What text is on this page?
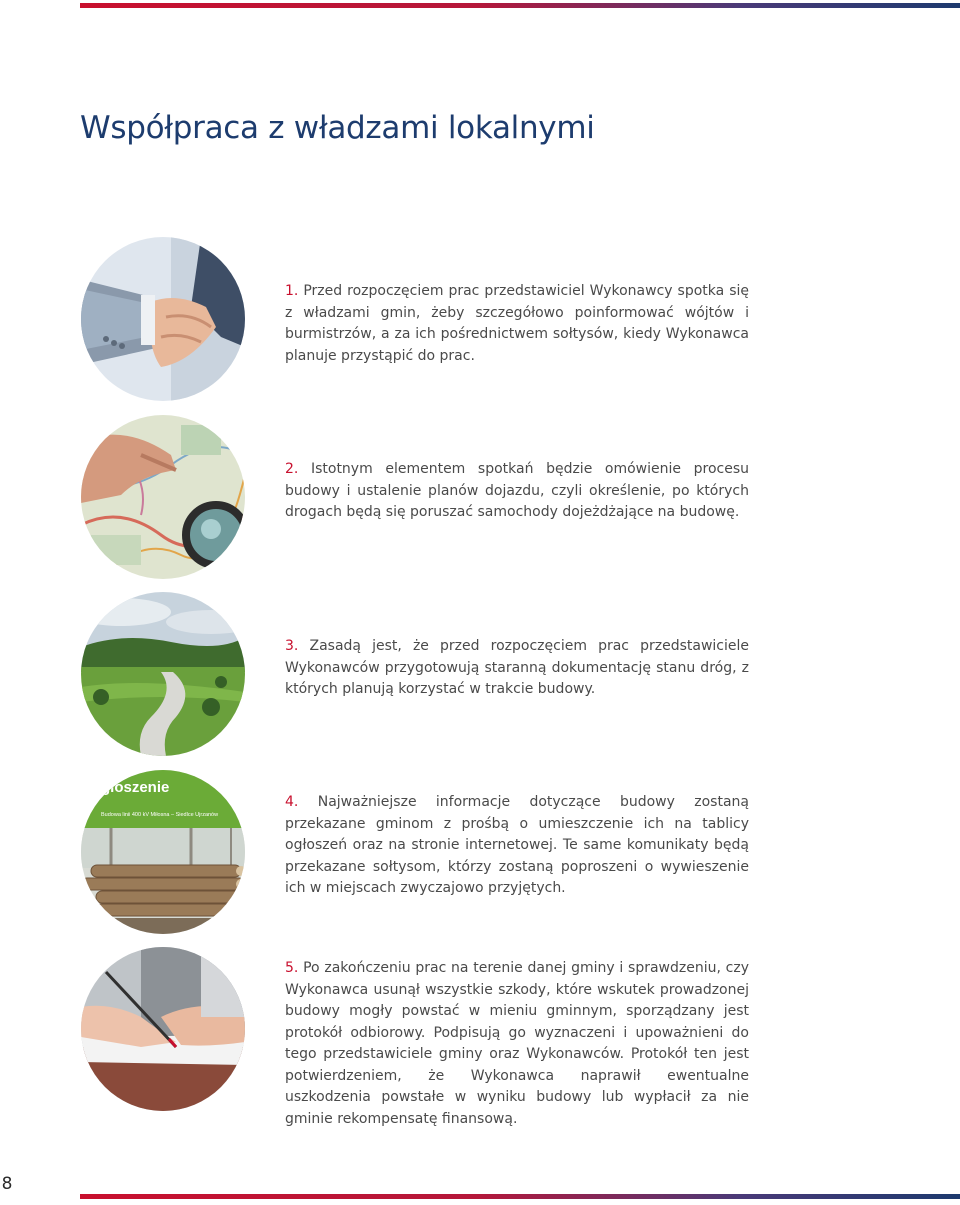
Współpraca z władzami lokalnymi

1. Przed rozpoczęciem prac przedstawiciel Wykonawcy spotka się z władzami gmin, żeby szczegółowo poinformować wójtów i burmistrzów, a za ich pośrednictwem sołtysów, kiedy Wykonawca planuje przystąpić do prac.

2. Istotnym elementem spotkań będzie omówienie procesu budowy i ustalenie planów dojazdu, czyli określenie, po których drogach będą się poruszać samochody dojeżdżające na budowę.

3. Zasadą jest, że przed rozpoczęciem prac przedstawiciele Wykonawców przygotowują staranną dokumentację stanu dróg, z których planują korzystać w trakcie budowy.

głoszenie
Budowa linii 400 kV Miłosna – Siedlce Ujrzanów

4. Najważniejsze informacje dotyczące budowy zostaną przekazane gminom z prośbą o umieszczenie ich na tablicy ogłoszeń oraz na stronie internetowej. Te same komunikaty będą przekazane sołtysom, którzy zostaną poproszeni o wywieszenie ich w miejscach zwyczajowo przyjętych.

5. Po zakończeniu prac na terenie danej gminy i sprawdzeniu, czy Wykonawca usunął wszystkie szkody, które wskutek prowadzonej budowy mogły powstać w mieniu gminnym, sporządzany jest protokół odbiorowy. Podpisują go wyznaczeni i upoważnieni do tego przedstawiciele gminy oraz Wykonawców. Protokół ten jest potwierdzeniem, że Wykonawca naprawił ewentualne uszkodzenia powstałe w wyniku budowy lub wypłacił za nie gminie rekompensatę finansową.

8
